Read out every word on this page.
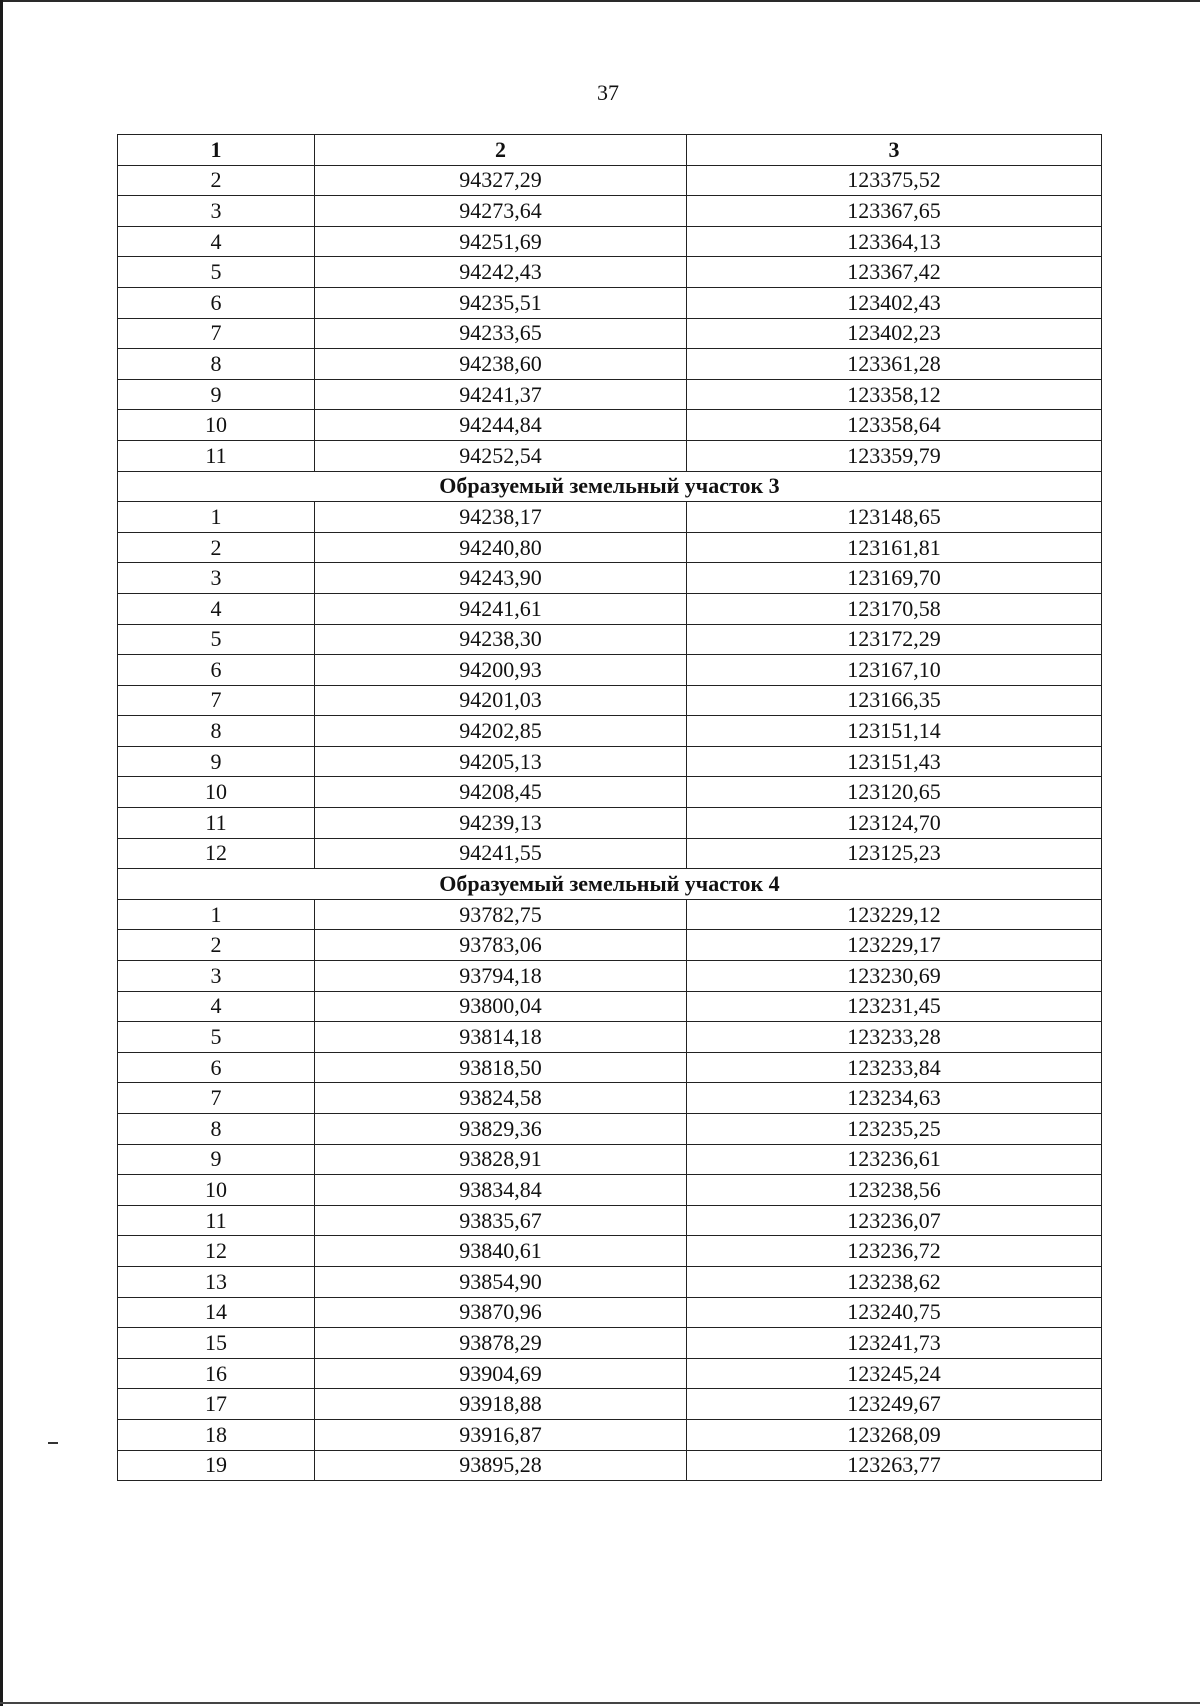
37
1	2	3
2	94327,29	123375,52
3	94273,64	123367,65
4	94251,69	123364,13
5	94242,43	123367,42
6	94235,51	123402,43
7	94233,65	123402,23
8	94238,60	123361,28
9	94241,37	123358,12
10	94244,84	123358,64
11	94252,54	123359,79
Образуемый земельный участок 3		
1	94238,17	123148,65
2	94240,80	123161,81
3	94243,90	123169,70
4	94241,61	123170,58
5	94238,30	123172,29
6	94200,93	123167,10
7	94201,03	123166,35
8	94202,85	123151,14
9	94205,13	123151,43
10	94208,45	123120,65
11	94239,13	123124,70
12	94241,55	123125,23
Образуемый земельный участок 4		
1	93782,75	123229,12
2	93783,06	123229,17
3	93794,18	123230,69
4	93800,04	123231,45
5	93814,18	123233,28
6	93818,50	123233,84
7	93824,58	123234,63
8	93829,36	123235,25
9	93828,91	123236,61
10	93834,84	123238,56
11	93835,67	123236,07
12	93840,61	123236,72
13	93854,90	123238,62
14	93870,96	123240,75
15	93878,29	123241,73
16	93904,69	123245,24
17	93918,88	123249,67
18	93916,87	123268,09
19	93895,28	123263,77
